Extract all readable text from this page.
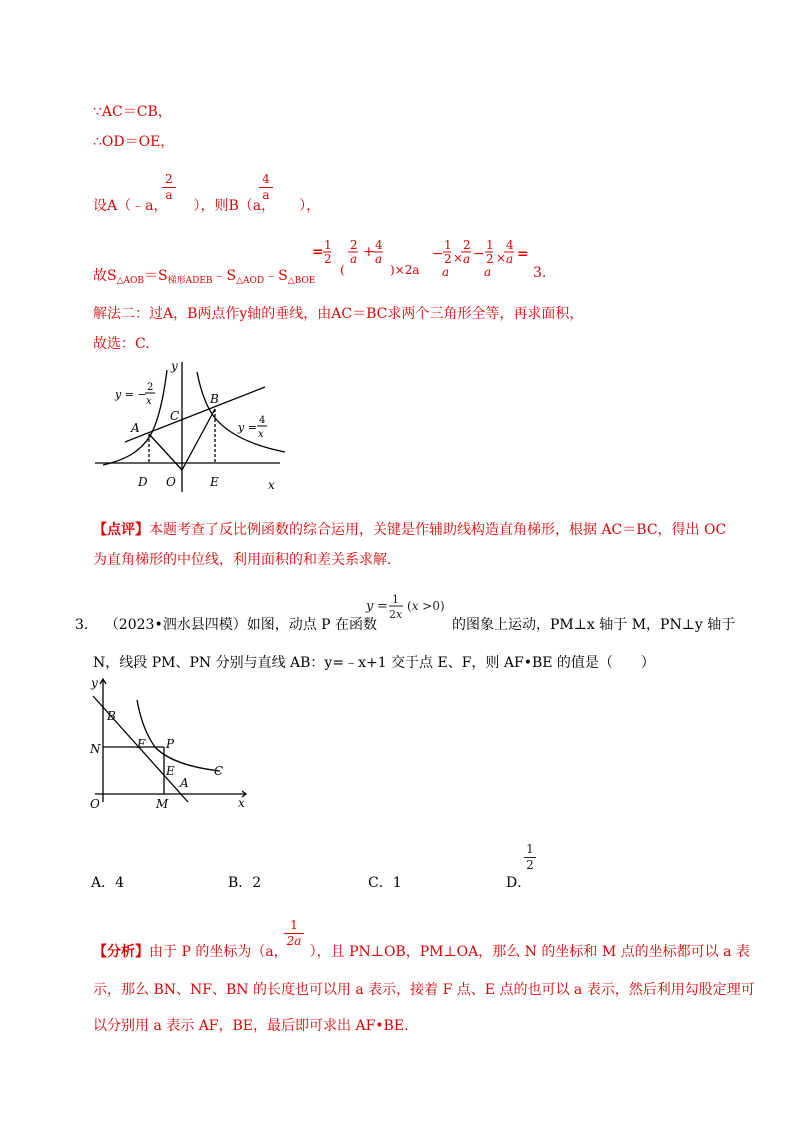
∵AC＝CB，
∴OD＝OE，
设A（﹣a， ），则B（a， ），
2
a
4
a
故$S_{\triangle AOB}=S_{梯形ADEB}﹣S_{\triangle AOD}﹣S_{\triangle BOE}$
= 1
2
(
2
a + 4
a
)×2a
−
1
2
a
×
2
a −
1
2
a
×
4
a =
3.
解法二：过A，B两点作y轴的垂线，由AC＝BC求两个三角形全等，再求面积，
故选：C.
y
x
O
A
B
C
D	E
y = −
2
x
y =
4
x
【点评】本题考查了反比例函数的综合运用，关键是作辅助线构造直角梯形，根据 AC＝BC，得出 OC
为直角梯形的中位线，利用面积的和差关系求解.
3. （2023•泗水县四模）如图，动点 P 在函数
y = 1
2x
(x >0)
的图象上运动，PM⊥x 轴于 M，PN⊥y 轴于
N，线段 PM、PN 分别与直线 AB：y=﹣x+1 交于点 E、F，则 AF•BE 的值是（　　）
y
x
O
B
N	F P
E	C
A
M
A．4	B．2	C．1	D．
1
2
【分析】由于 P 的坐标为（a， ），且 PN⊥OB，PM⊥OA，那么 N 的坐标和 M 点的坐标都可以 a 表
1
2a
示，那么 BN、NF、BN 的长度也可以用 a 表示，接着 F 点、E 点的也可以 a 表示，然后利用勾股定理可
以分别用 a 表示 AF，BE，最后即可求出 AF•BE.
